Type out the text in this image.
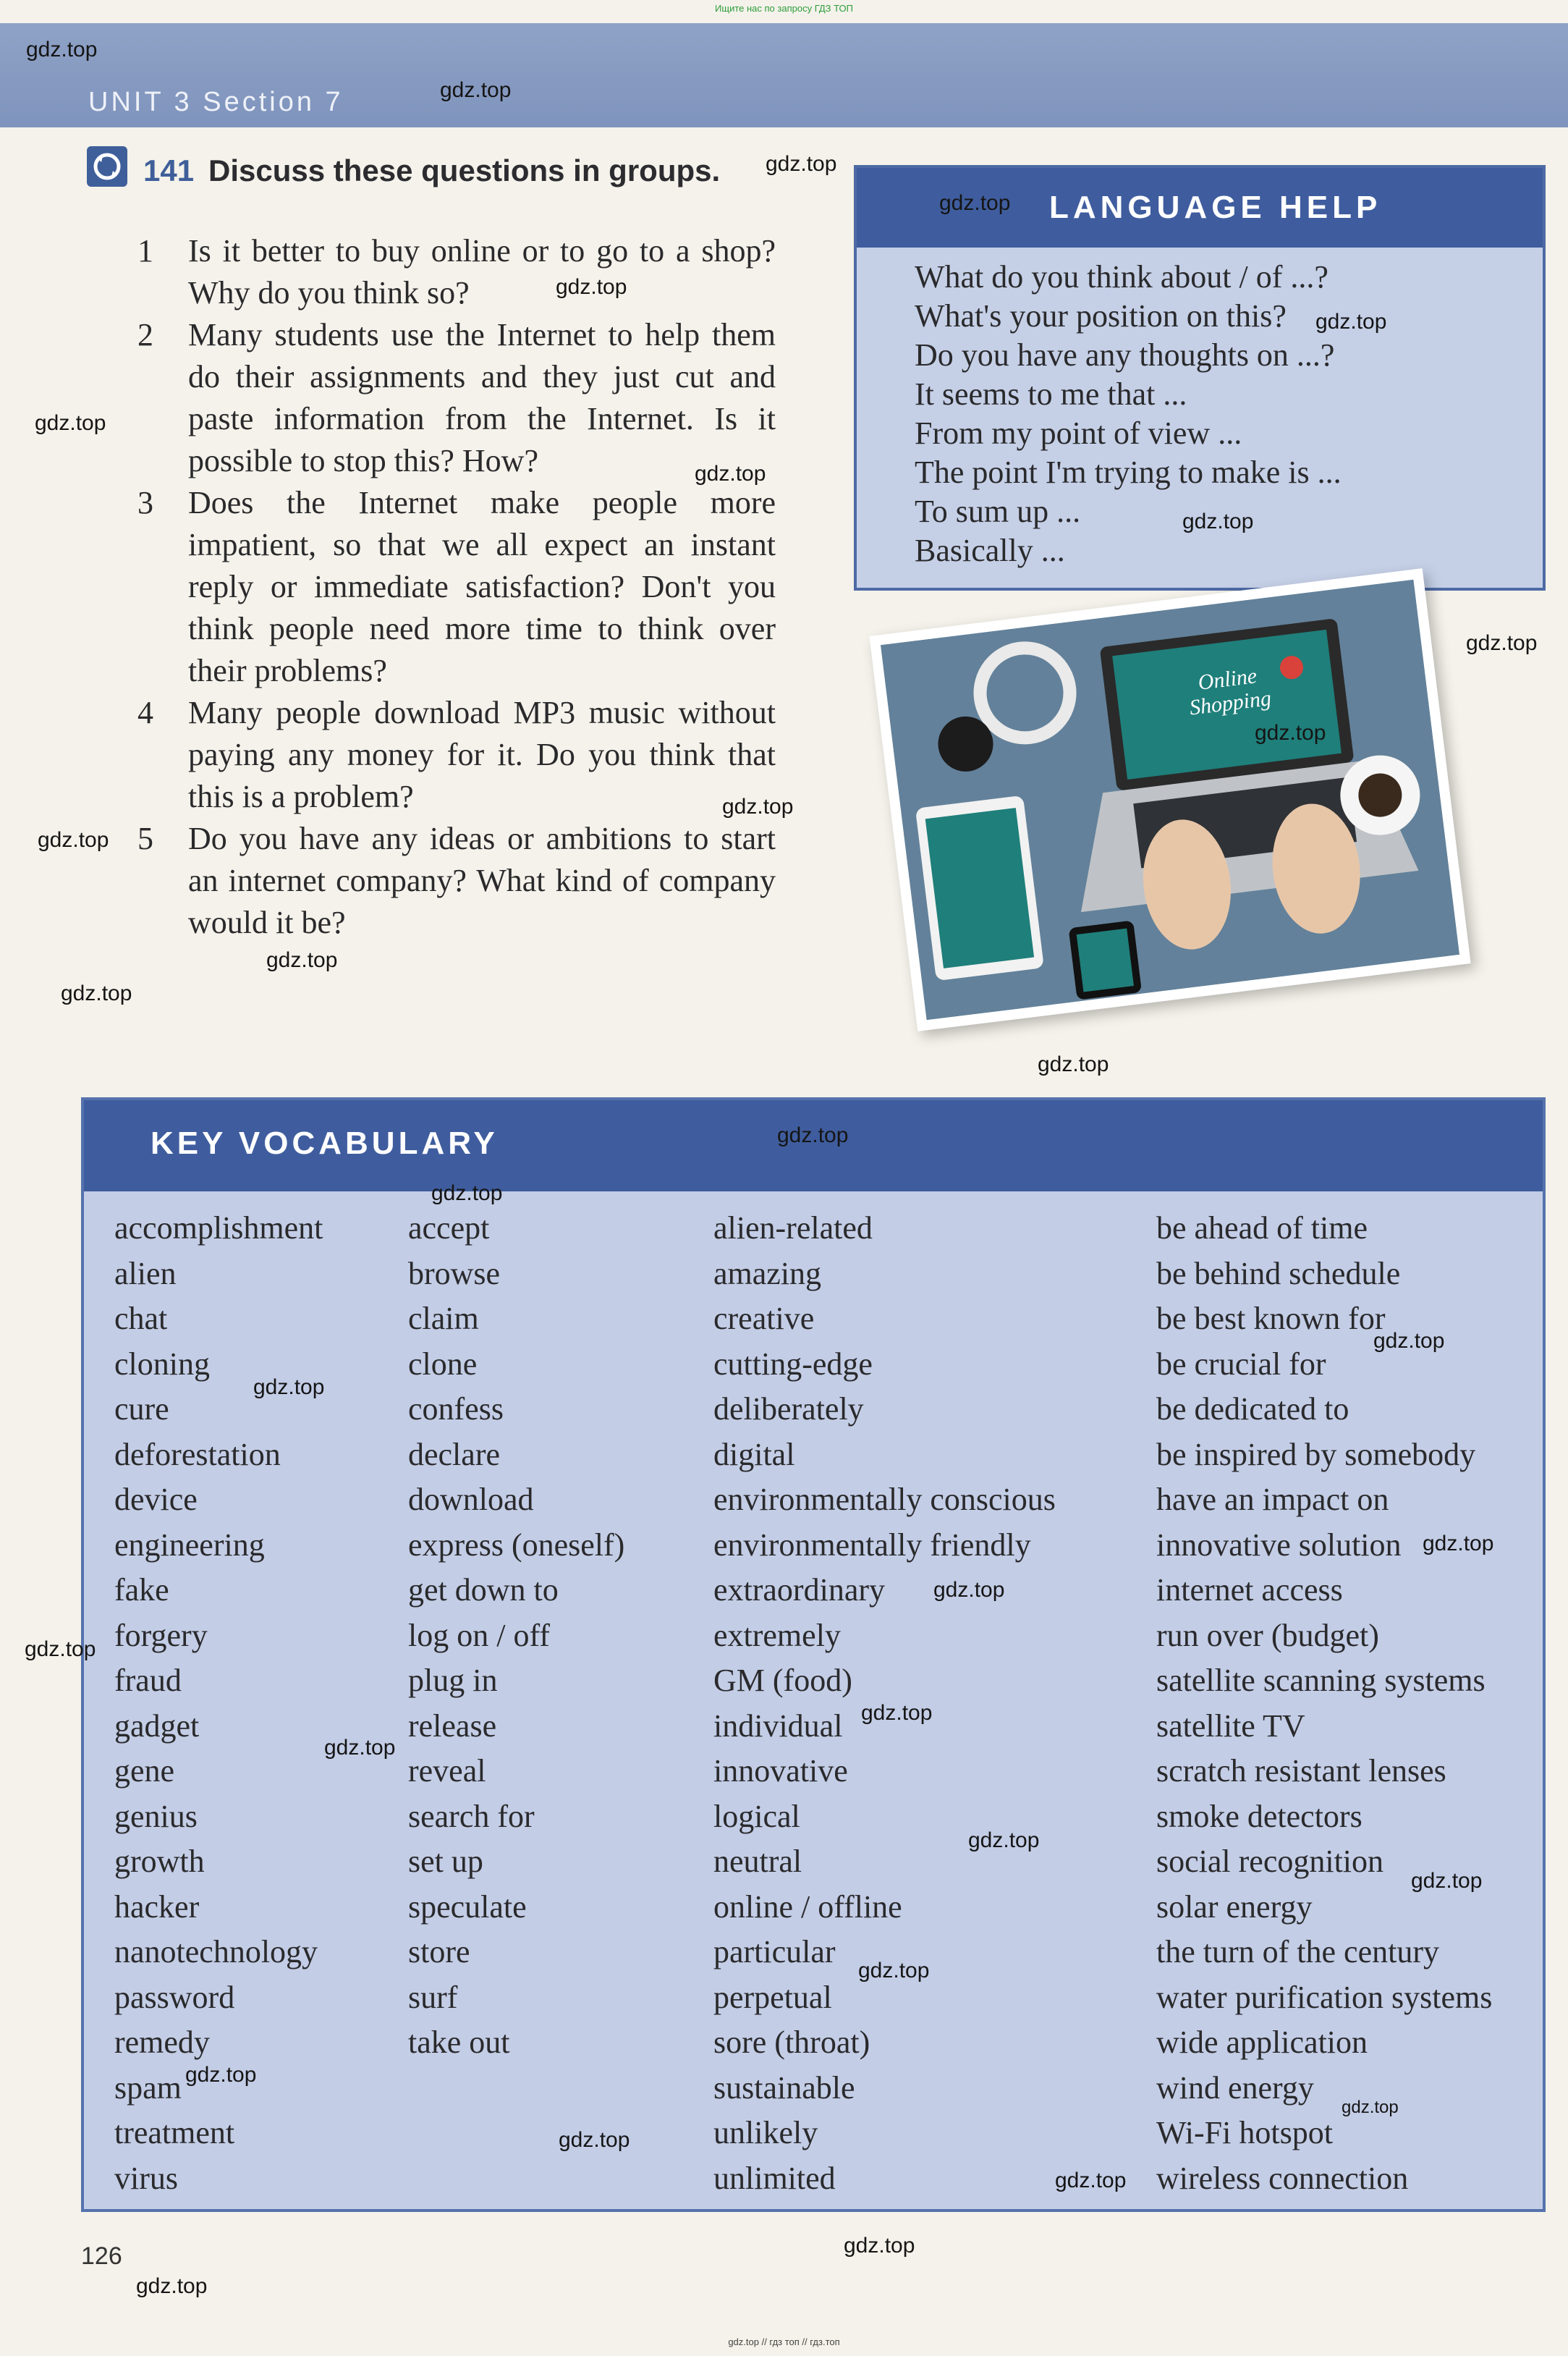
Ищите нас по запросу ГДЗ ТОП
UNIT 3 Section 7
141 Discuss these questions in groups.
1	Is it better to buy online or to go to a shop? Why do you think so?
2	Many students use the Internet to help them do their assignments and they just cut and paste information from the Internet. Is it possible to stop this? How?
3	Does the Internet make people more impatient, so that we all expect an instant reply or immediate satisfaction? Don't you think people need more time to think over their problems?
4	Many people download MP3 music without paying any money for it. Do you think that this is a problem?
5	Do you have any ideas or ambitions to start an internet company? What kind of company would it be?
LANGUAGE HELP
What do you think about / of ...?
What's your position on this?
Do you have any thoughts on ...?
It seems to me that ...
From my point of view ...
The point I'm trying to make is ...
To sum up ...
Basically ...
Online
Shopping
KEY VOCABULARY
accomplishment
alien
chat
cloning
cure
deforestation
device
engineering
fake
forgery
fraud
gadget
gene
genius
growth
hacker
nanotechnology
password
remedy
spam
treatment
virus
accept
browse
claim
clone
confess
declare
download
express (oneself)
get down to
log on / off
plug in
release
reveal
search for
set up
speculate
store
surf
take out
alien-related
amazing
creative
cutting-edge
deliberately
digital
environmentally conscious
environmentally friendly
extraordinary
extremely
GM (food)
individual
innovative
logical
neutral
online / offline
particular
perpetual
sore (throat)
sustainable
unlikely
unlimited
be ahead of time
be behind schedule
be best known for
be crucial for
be dedicated to
be inspired by somebody
have an impact on
innovative solution
internet access
run over (budget)
satellite scanning systems
satellite TV
scratch resistant lenses
smoke detectors
social recognition
solar energy
the turn of the century
water purification systems
wide application
wind energy
Wi-Fi hotspot
wireless connection
126
gdz.top
gdz.top
gdz.top
gdz.top
gdz.top
gdz.top
gdz.top
gdz.top
gdz.top
gdz.top
gdz.top
gdz.top
gdz.top
gdz.top
gdz.top
gdz.top
gdz.top
gdz.top
gdz.top
gdz.top
gdz.top
gdz.top
gdz.top
gdz.top
gdz.top
gdz.top
gdz.top
gdz.top
gdz.top
gdz.top
gdz.top
gdz.top
gdz.top
gdz.top
gdz.top // гдз топ // гдз.топ
